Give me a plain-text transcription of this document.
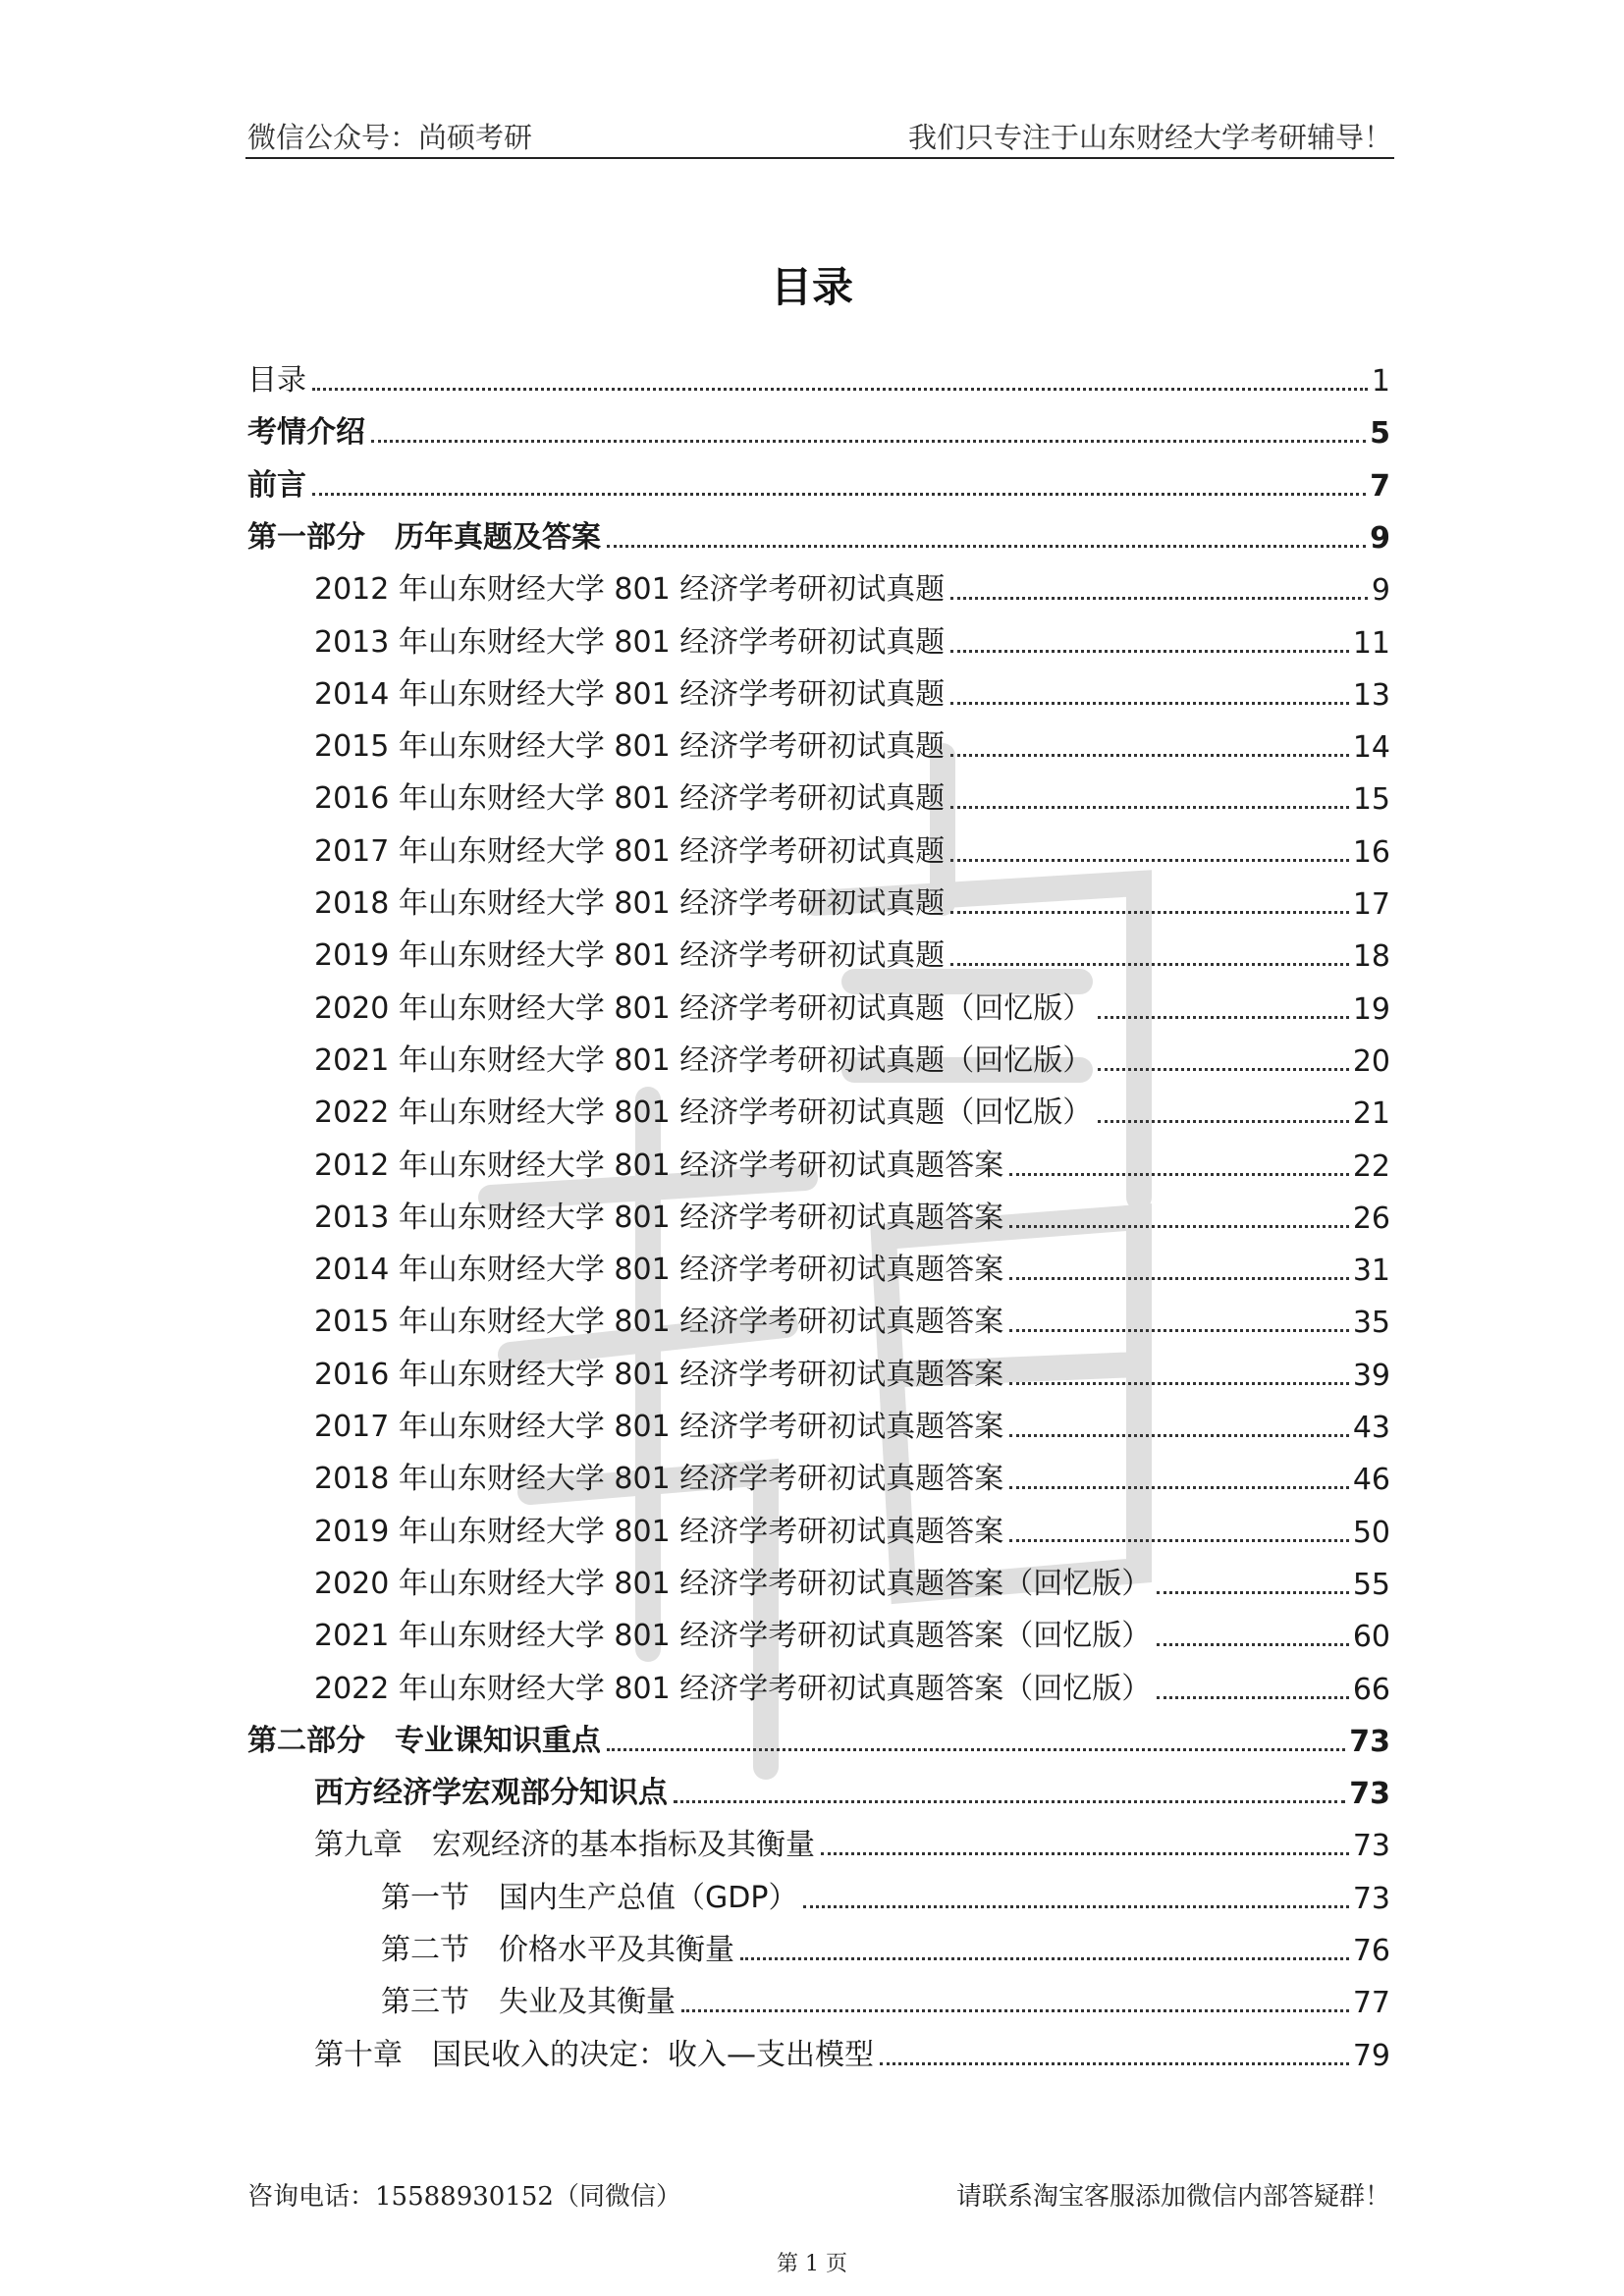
微信公众号：尚硕考研	我们只专注于山东财经大学考研辅导！
目录
目录	1
考情介绍	5
前言	7
第一部分　历年真题及答案	9
2012 年山东财经大学 801 经济学考研初试真题	9
2013 年山东财经大学 801 经济学考研初试真题	11
2014 年山东财经大学 801 经济学考研初试真题	13
2015 年山东财经大学 801 经济学考研初试真题	14
2016 年山东财经大学 801 经济学考研初试真题	15
2017 年山东财经大学 801 经济学考研初试真题	16
2018 年山东财经大学 801 经济学考研初试真题	17
2019 年山东财经大学 801 经济学考研初试真题	18
2020 年山东财经大学 801 经济学考研初试真题（回忆版）	19
2021 年山东财经大学 801 经济学考研初试真题（回忆版）	20
2022 年山东财经大学 801 经济学考研初试真题（回忆版）	21
2012 年山东财经大学 801 经济学考研初试真题答案	22
2013 年山东财经大学 801 经济学考研初试真题答案	26
2014 年山东财经大学 801 经济学考研初试真题答案	31
2015 年山东财经大学 801 经济学考研初试真题答案	35
2016 年山东财经大学 801 经济学考研初试真题答案	39
2017 年山东财经大学 801 经济学考研初试真题答案	43
2018 年山东财经大学 801 经济学考研初试真题答案	46
2019 年山东财经大学 801 经济学考研初试真题答案	50
2020 年山东财经大学 801 经济学考研初试真题答案（回忆版）	55
2021 年山东财经大学 801 经济学考研初试真题答案（回忆版）	60
2022 年山东财经大学 801 经济学考研初试真题答案（回忆版）	66
第二部分　专业课知识重点	73
西方经济学宏观部分知识点	73
第九章　宏观经济的基本指标及其衡量	73
第一节　国内生产总值（GDP）	73
第二节　价格水平及其衡量	76
第三节　失业及其衡量	77
第十章　国民收入的决定：收入—支出模型	79
咨询电话：15588930152（同微信）	请联系淘宝客服添加微信内部答疑群！
第 1 页
